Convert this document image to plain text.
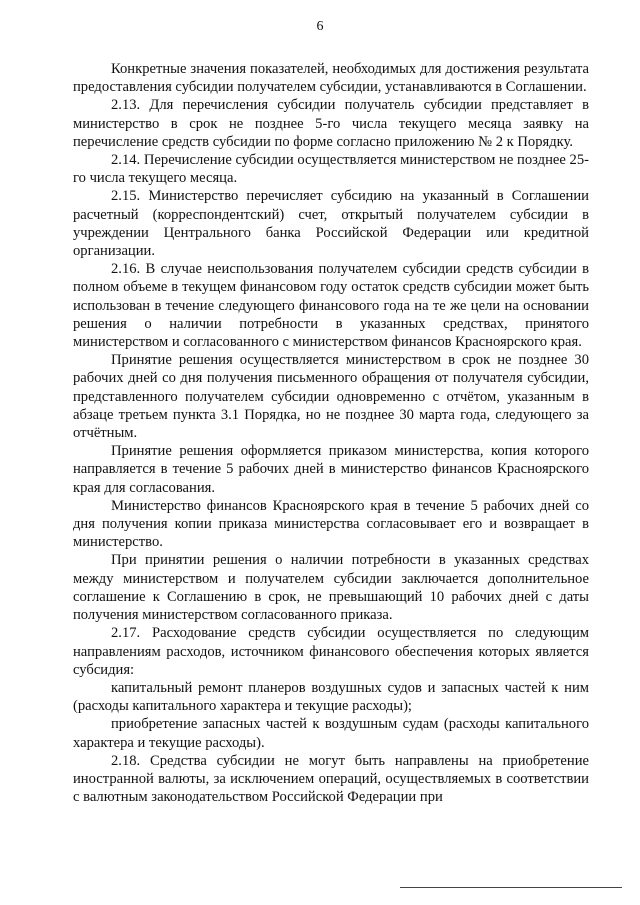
6

Конкретные значения показателей, необходимых для достижения результата предоставления субсидии получателем субсидии, устанавливаются в Соглашении.

2.13. Для перечисления субсидии получатель субсидии представляет в министерство в срок не позднее 5-го числа текущего месяца заявку на перечисление средств субсидии по форме согласно приложению № 2 к Порядку.

2.14. Перечисление субсидии осуществляется министерством не позднее 25-го числа текущего месяца.

2.15. Министерство перечисляет субсидию на указанный в Соглашении расчетный (корреспондентский) счет, открытый получателем субсидии в учреждении Центрального банка Российской Федерации или кредитной организации.

2.16. В случае неиспользования получателем субсидии средств субсидии в полном объеме в текущем финансовом году остаток средств субсидии может быть использован в течение следующего финансового года на те же цели на основании решения о наличии потребности в указанных средствах, принятого министерством и согласованного с министерством финансов Красноярского края.

Принятие решения осуществляется министерством в срок не позднее 30 рабочих дней со дня получения письменного обращения от получателя субсидии, представленного получателем субсидии одновременно с отчётом, указанным в абзаце третьем пункта 3.1 Порядка, но не позднее 30 марта года, следующего за отчётным.

Принятие решения оформляется приказом министерства, копия которого направляется в течение 5 рабочих дней в министерство финансов Красноярского края для согласования.

Министерство финансов Красноярского края в течение 5 рабочих дней со дня получения копии приказа министерства согласовывает его и возвращает в министерство.

При принятии решения о наличии потребности в указанных средствах между министерством и получателем субсидии заключается дополнительное соглашение к Соглашению в срок, не превышающий 10 рабочих дней с даты получения министерством согласованного приказа.

2.17. Расходование средств субсидии осуществляется по следующим направлениям расходов, источником финансового обеспечения которых является субсидия:

капитальный ремонт планеров воздушных судов и запасных частей к ним (расходы капитального характера и текущие расходы);

приобретение запасных частей к воздушным судам (расходы капитального характера и текущие расходы).

2.18. Средства субсидии не могут быть направлены на приобретение иностранной валюты, за исключением операций, осуществляемых в соответствии с валютным законодательством Российской Федерации при
